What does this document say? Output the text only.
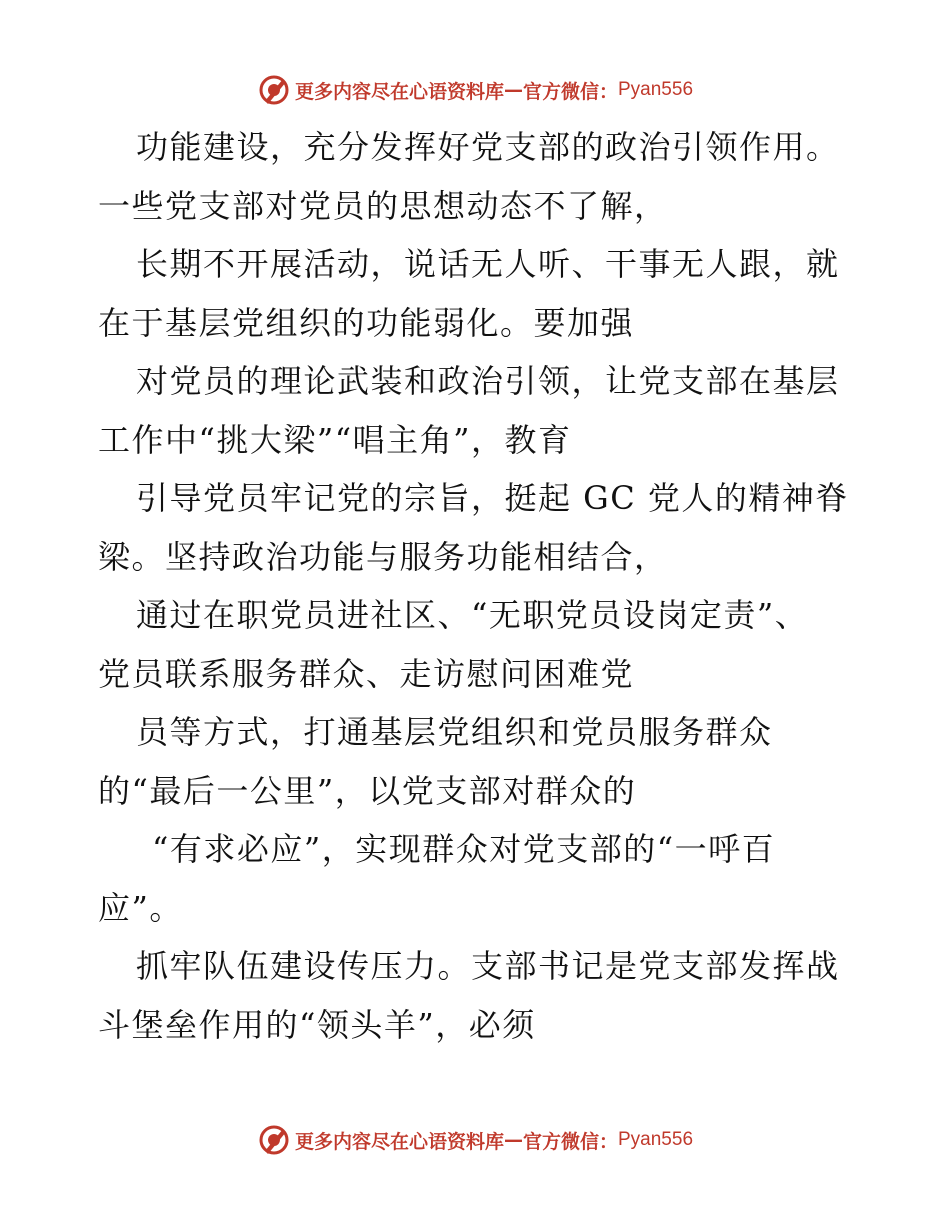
更多内容尽在心语资料库 — 官方微信： Pyan556
功能建设，充分发挥好党支部的政治引领作用。
一些党支部对党员的思想动态不了解，
长期不开展活动，说话无人听、干事无人跟，就
在于基层党组织的功能弱化。要加强
对党员的理论武装和政治引领，让党支部在基层
工作中“挑大梁”“唱主角”，教育
引导党员牢记党的宗旨，挺起 GC 党人的精神脊
梁。坚持政治功能与服务功能相结合，
通过在职党员进社区、“无职党员设岗定责”、
党员联系服务群众、走访慰问困难党
员等方式，打通基层党组织和党员服务群众
的“最后一公里”，以党支部对群众的
“有求必应”，实现群众对党支部的“一呼百
应”。
抓牢队伍建设传压力。支部书记是党支部发挥战
斗堡垒作用的“领头羊”，必须
更多内容尽在心语资料库 — 官方微信： Pyan556
